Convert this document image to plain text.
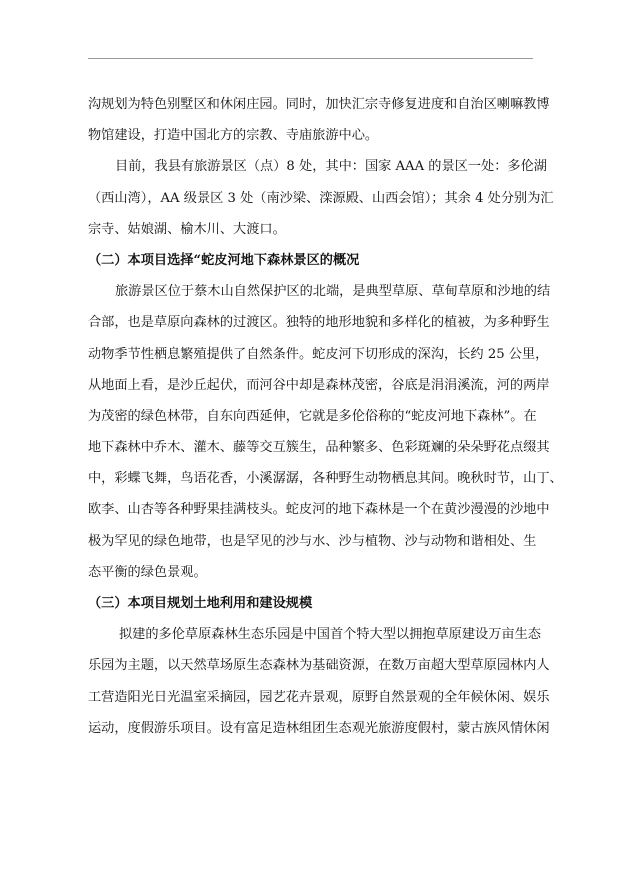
沟规划为特色别墅区和休闲庄园。同时，加快汇宗寺修复进度和自治区喇嘛教博
物馆建设，打造中国北方的宗教、寺庙旅游中心。
目前，我县有旅游景区（点）8 处，其中：国家 AAA 的景区一处：多伦湖
（西山湾），AA 级景区 3 处（南沙梁、滦源殿、山西会馆）；其余 4 处分别为汇
宗寺、姑娘湖、榆木川、大渡口。
（二）本项目选择“蛇皮河地下森林景区的概况
旅游景区位于蔡木山自然保护区的北端，是典型草原、草甸草原和沙地的结
合部，也是草原向森林的过渡区。独特的地形地貌和多样化的植被，为多种野生
动物季节性栖息繁殖提供了自然条件。蛇皮河下切形成的深沟，长约 25 公里，
从地面上看，是沙丘起伏，而河谷中却是森林茂密，谷底是涓涓溪流，河的两岸
为茂密的绿色林带，自东向西延伸，它就是多伦俗称的“蛇皮河地下森林”。在
地下森林中乔木、灌木、藤等交互簇生，品种繁多、色彩斑斓的朵朵野花点缀其
中，彩蝶飞舞，鸟语花香，小溪潺潺，各种野生动物栖息其间。晚秋时节，山丁、
欧李、山杏等各种野果挂满枝头。蛇皮河的地下森林是一个在黄沙漫漫的沙地中
极为罕见的绿色地带，也是罕见的沙与水、沙与植物、沙与动物和谐相处、生
态平衡的绿色景观。
（三）本项目规划土地利用和建设规模
拟建的多伦草原森林生态乐园是中国首个特大型以拥抱草原建设万亩生态
乐园为主题，以天然草场原生态森林为基础资源，在数万亩超大型草原园林内人
工营造阳光日光温室采摘园，园艺花卉景观，原野自然景观的全年候休闲、娱乐
运动，度假游乐项目。设有富足造林组团生态观光旅游度假村，蒙古族风情休闲
